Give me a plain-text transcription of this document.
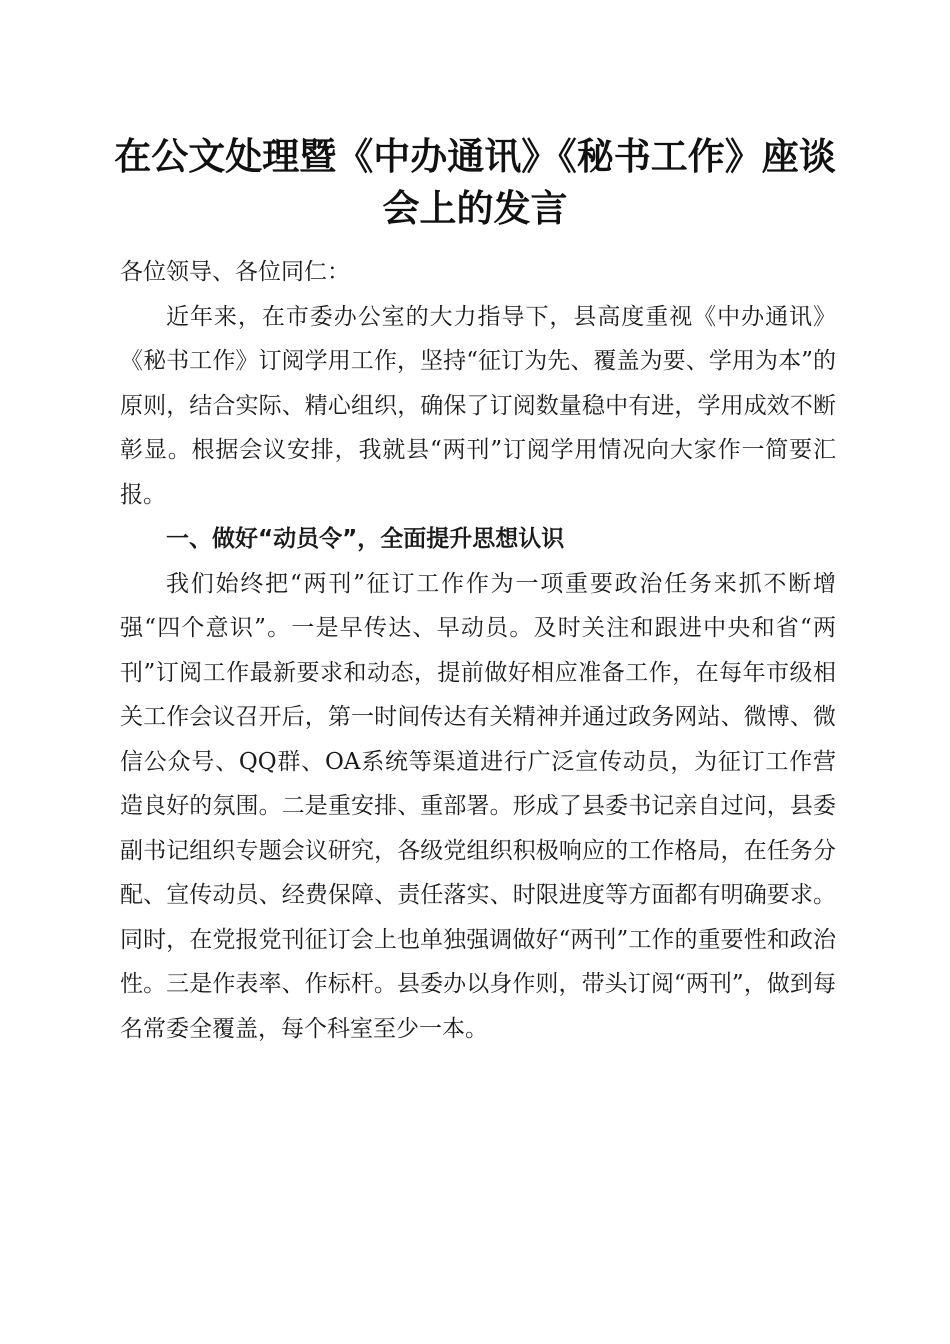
在公文处理暨《中办通讯》《秘书工作》座谈会上的发言

各位领导、各位同仁：

近年来，在市委办公室的大力指导下，县高度重视《中办通讯》《秘书工作》订阅学用工作，坚持“征订为先、覆盖为要、学用为本”的原则，结合实际、精心组织，确保了订阅数量稳中有进，学用成效不断彰显。根据会议安排，我就县“两刊”订阅学用情况向大家作一简要汇报。

一、做好“动员令”，全面提升思想认识

我们始终把“两刊”征订工作作为一项重要政治任务来抓不断增强“四个意识”。一是早传达、早动员。及时关注和跟进中央和省“两刊”订阅工作最新要求和动态，提前做好相应准备工作，在每年市级相关工作会议召开后，第一时间传达有关精神并通过政务网站、微博、微信公众号、QQ群、OA系统等渠道进行广泛宣传动员，为征订工作营造良好的氛围。二是重安排、重部署。形成了县委书记亲自过问，县委副书记组织专题会议研究，各级党组织积极响应的工作格局，在任务分配、宣传动员、经费保障、责任落实、时限进度等方面都有明确要求。同时，在党报党刊征订会上也单独强调做好“两刊”工作的重要性和政治性。三是作表率、作标杆。县委办以身作则，带头订阅“两刊”，做到每名常委全覆盖，每个科室至少一本。
